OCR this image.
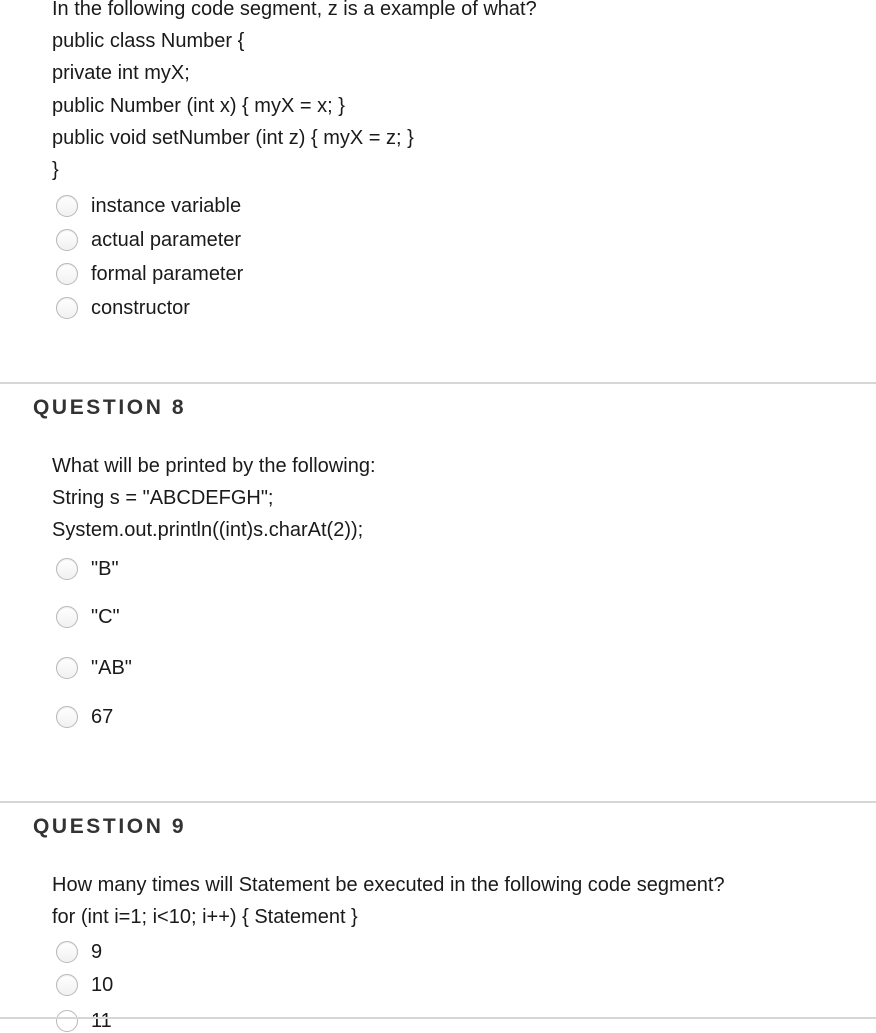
In the following code segment, z is a example of what?
public class Number {
private int myX;
public Number (int x) { myX = x; }
public void setNumber (int z) { myX = z; }
}
instance variable
actual parameter
formal parameter
constructor
QUESTION 8
What will be printed by the following:
String s = "ABCDEFGH";
System.out.println((int)s.charAt(2));
"B"
"C"
"AB"
67
QUESTION 9
How many times will Statement be executed in the following code segment?
for (int i=1; i<10; i++) { Statement }
9
10
11
